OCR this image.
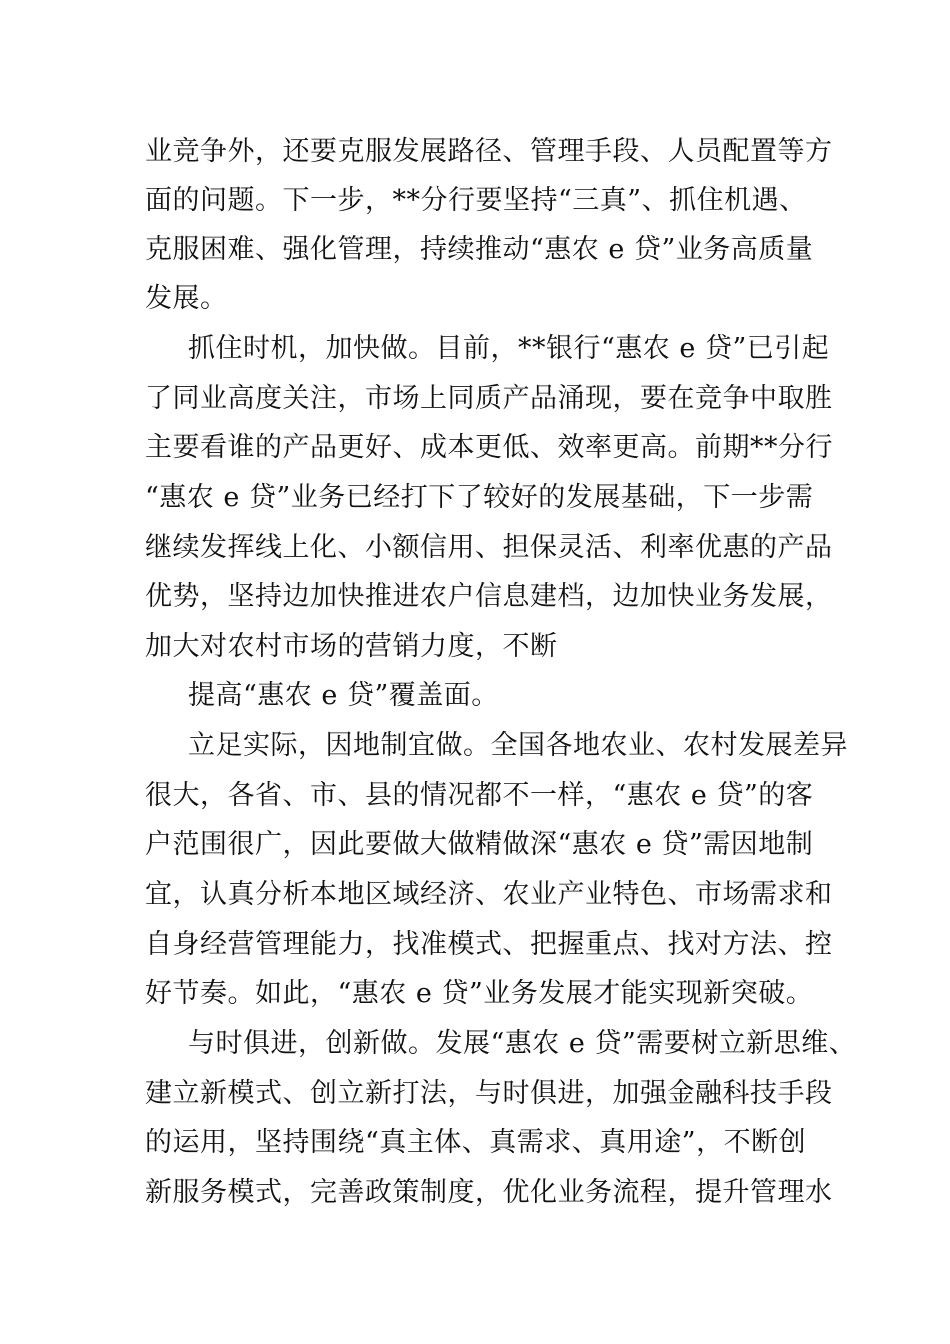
业竞争外，还要克服发展路径、管理手段、人员配置等方
面的问题。下一步，**分行要坚持“三真”、抓住机遇、
克服困难、强化管理，持续推动“惠农 e 贷”业务高质量
发展。
抓住时机，加快做。目前，**银行“惠农 e 贷”已引起
了同业高度关注，市场上同质产品涌现，要在竞争中取胜
主要看谁的产品更好、成本更低、效率更高。前期**分行
“惠农 e 贷”业务已经打下了较好的发展基础，下一步需
继续发挥线上化、小额信用、担保灵活、利率优惠的产品
优势，坚持边加快推进农户信息建档，边加快业务发展，
加大对农村市场的营销力度，不断
提高“惠农 e 贷”覆盖面。
立足实际，因地制宜做。全国各地农业、农村发展差异
很大，各省、市、县的情况都不一样，“惠农 e 贷”的客
户范围很广，因此要做大做精做深“惠农 e 贷”需因地制
宜，认真分析本地区域经济、农业产业特色、市场需求和
自身经营管理能力，找准模式、把握重点、找对方法、控
好节奏。如此，“惠农 e 贷”业务发展才能实现新突破。
与时俱进，创新做。发展“惠农 e 贷”需要树立新思维、
建立新模式、创立新打法，与时俱进，加强金融科技手段
的运用，坚持围绕“真主体、真需求、真用途”，不断创
新服务模式，完善政策制度，优化业务流程，提升管理水
